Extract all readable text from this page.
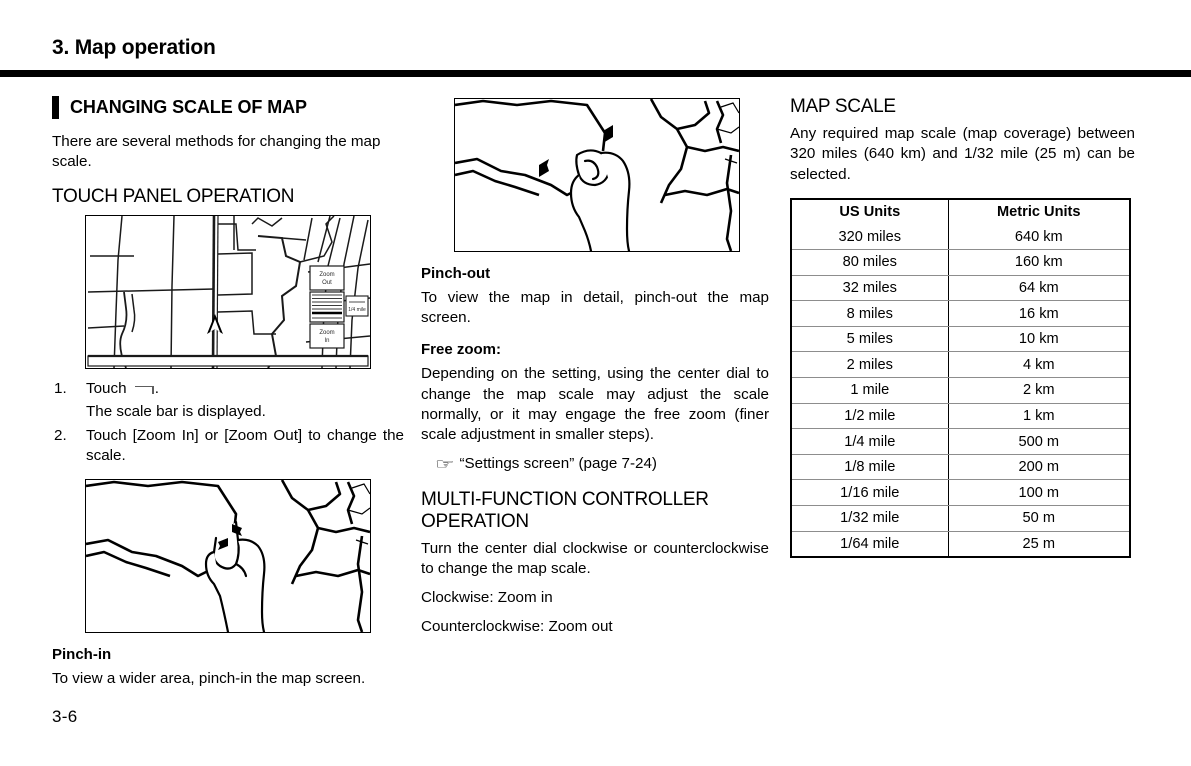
3. Map operation
3-6
CHANGING SCALE OF MAP

There are several methods for changing the map scale.

TOUCH PANEL OPERATION
Zoom
Out
Zoom
In
1/4 mile
1. Touch .
The scale bar is displayed.
2. Touch [Zoom In] or [Zoom Out] to change the scale.
Pinch-in

To view a wider area, pinch-in the map screen.

Pinch-out

To view the map in detail, pinch-out the map screen.

Free zoom:

Depending on the setting, using the center dial to change the map scale may adjust the scale normally, or it may engage the free zoom (finer scale adjustment in smaller steps).

☞ “Settings screen” (page 7-24)
MULTI-FUNCTION CONTROLLER OPERATION

Turn the center dial clockwise or counterclockwise to change the map scale.

Clockwise: Zoom in

Counterclockwise: Zoom out

MAP SCALE

Any required map scale (map coverage) between 320 miles (640 km) and 1/32 mile (25 m) can be selected.

US Units	Metric Units
320 miles	640 km
80 miles	160 km
32 miles	64 km
8 miles	16 km
5 miles	10 km
2 miles	4 km
1 mile	2 km
1/2 mile	1 km
1/4 mile	500 m
1/8 mile	200 m
1/16 mile	100 m
1/32 mile	50 m
1/64 mile	25 m
